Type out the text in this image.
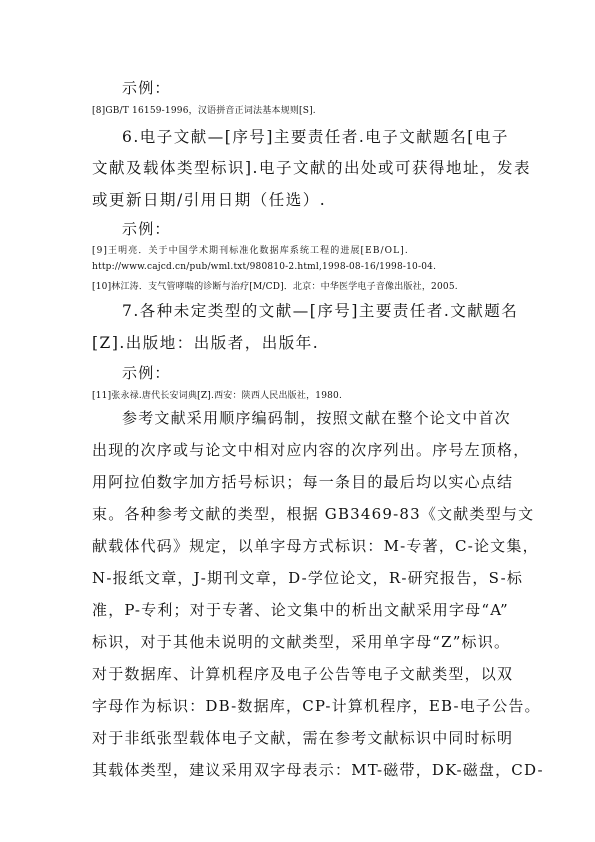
示例：

[8]GB/T 16159-1996，汉语拼音正词法基本规则[S].

6.电子文献—[序号]主要责任者.电子文献题名[电子

文献及载体类型标识].电子文献的出处或可获得地址，发表

或更新日期/引用日期（任选）.

示例：

[9]王明亮．关于中国学术期刊标准化数据库系统工程的进展[EB/OL].

http://www.cajcd.cn/pub/wml.txt/980810-2.html,1998-08-16/1998-10-04.

[10]林江涛．支气管哮喘的诊断与治疗[M/CD]．北京：中华医学电子音像出版社，2005.

7.各种未定类型的文献—[序号]主要责任者.文献题名

[Z].出版地：出版者，出版年.

示例：

[11]张永禄.唐代长安词典[Z].西安：陕西人民出版社，1980.

参考文献采用顺序编码制，按照文献在整个论文中首次

出现的次序或与论文中相对应内容的次序列出。序号左顶格，

用阿拉伯数字加方括号标识；每一条目的最后均以实心点结

束。各种参考文献的类型，根据 GB3469-83《文献类型与文

献载体代码》规定，以单字母方式标识：M-专著，C-论文集，

N-报纸文章，J-期刊文章，D-学位论文，R-研究报告，S-标

准，P-专利；对于专著、论文集中的析出文献采用字母“A”

标识，对于其他未说明的文献类型，采用单字母“Z”标识。

对于数据库、计算机程序及电子公告等电子文献类型，以双

字母作为标识：DB-数据库，CP-计算机程序，EB-电子公告。

对于非纸张型载体电子文献，需在参考文献标识中同时标明

其载体类型，建议采用双字母表示：MT-磁带，DK-磁盘，CD-
